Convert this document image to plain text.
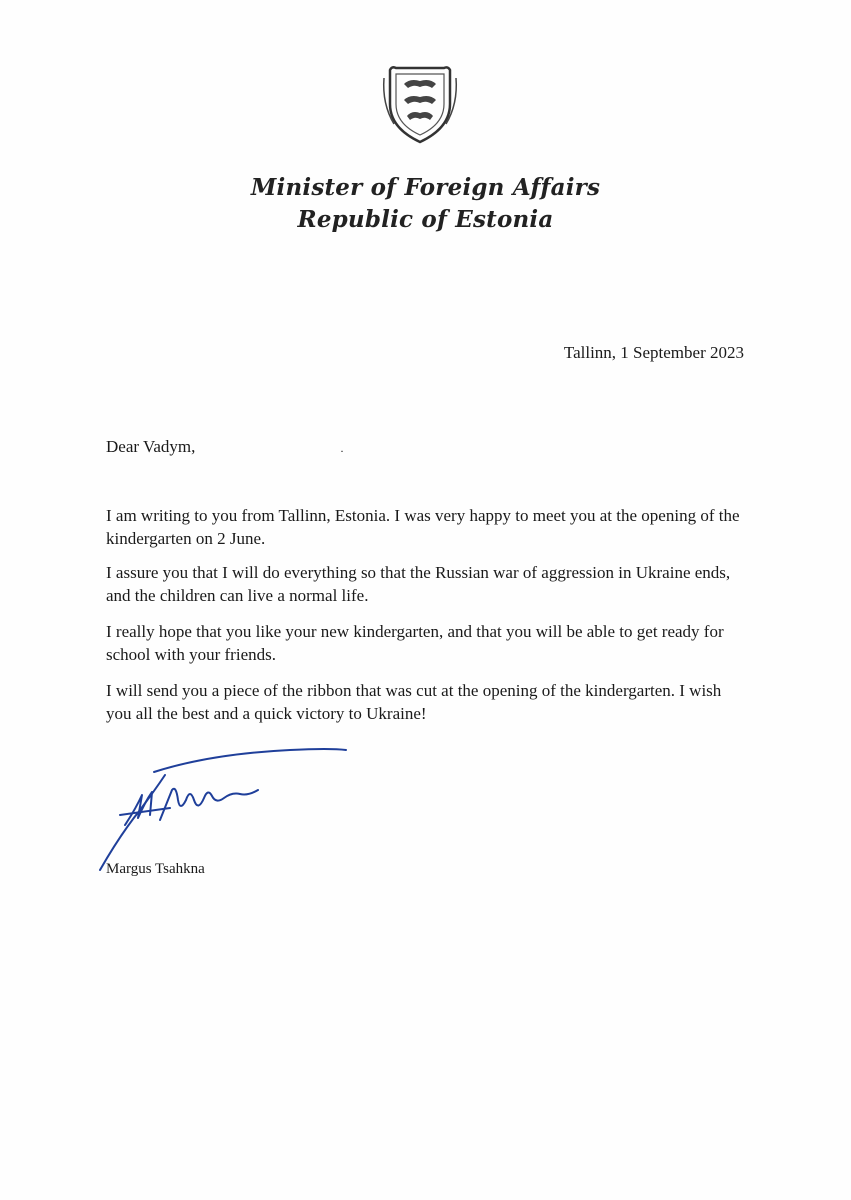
Minister of Foreign Affairs
Republic of Estonia
Tallinn, 1 September 2023
Dear Vadym,	·
I am writing to you from Tallinn, Estonia. I was very happy to meet you at the opening of the kindergarten on 2 June.
I assure you that I will do everything so that the Russian war of aggression in Ukraine ends, and the children can live a normal life.
I really hope that you like your new kindergarten, and that you will be able to get ready for school with your friends.
I will send you a piece of the ribbon that was cut at the opening of the kindergarten. I wish you all the best and a quick victory to Ukraine!
Margus Tsahkna
